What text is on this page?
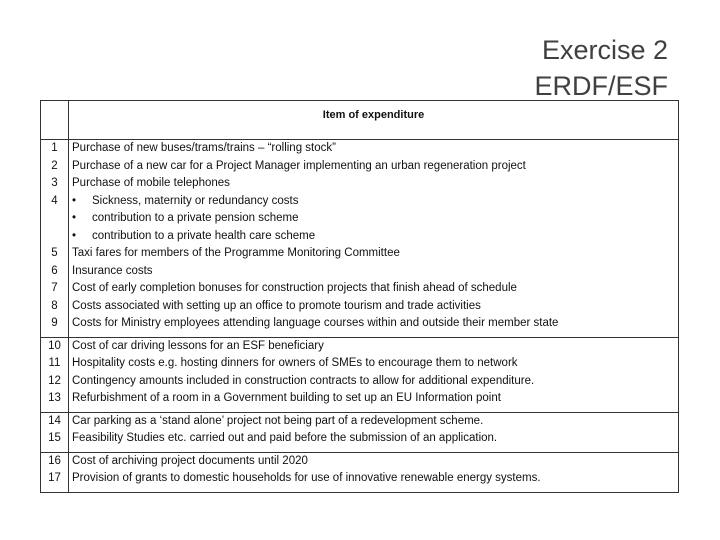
Exercise 2
ERDF/ESF
Item of expenditure
1
2
3
4
5
6
7
8
9
Purchase of new buses/trams/trains – “rolling stock”
Purchase of a new car for a Project Manager implementing an urban regeneration project
Purchase of mobile telephones
• Sickness, maternity or redundancy costs
• contribution to a private pension scheme
• contribution to a private health care scheme
Taxi fares for members of the Programme Monitoring Committee
Insurance costs
Cost of early completion bonuses for construction projects that finish ahead of schedule
Costs associated with setting up an office to promote tourism and trade activities
Costs for Ministry employees attending language courses within and outside their member state
10
11
12
13
Cost of car driving lessons for an ESF beneficiary
Hospitality costs e.g. hosting dinners for owners of SMEs to encourage them to network
Contingency amounts included in construction contracts to allow for additional expenditure.
Refurbishment of a room in a Government building to set up an EU Information point
14
15
Car parking as a ‘stand alone’ project not being part of a redevelopment scheme.
Feasibility Studies etc. carried out and paid before the submission of an application.
16
17
Cost of archiving project documents until 2020
Provision of grants to domestic households for use of innovative renewable energy systems.
